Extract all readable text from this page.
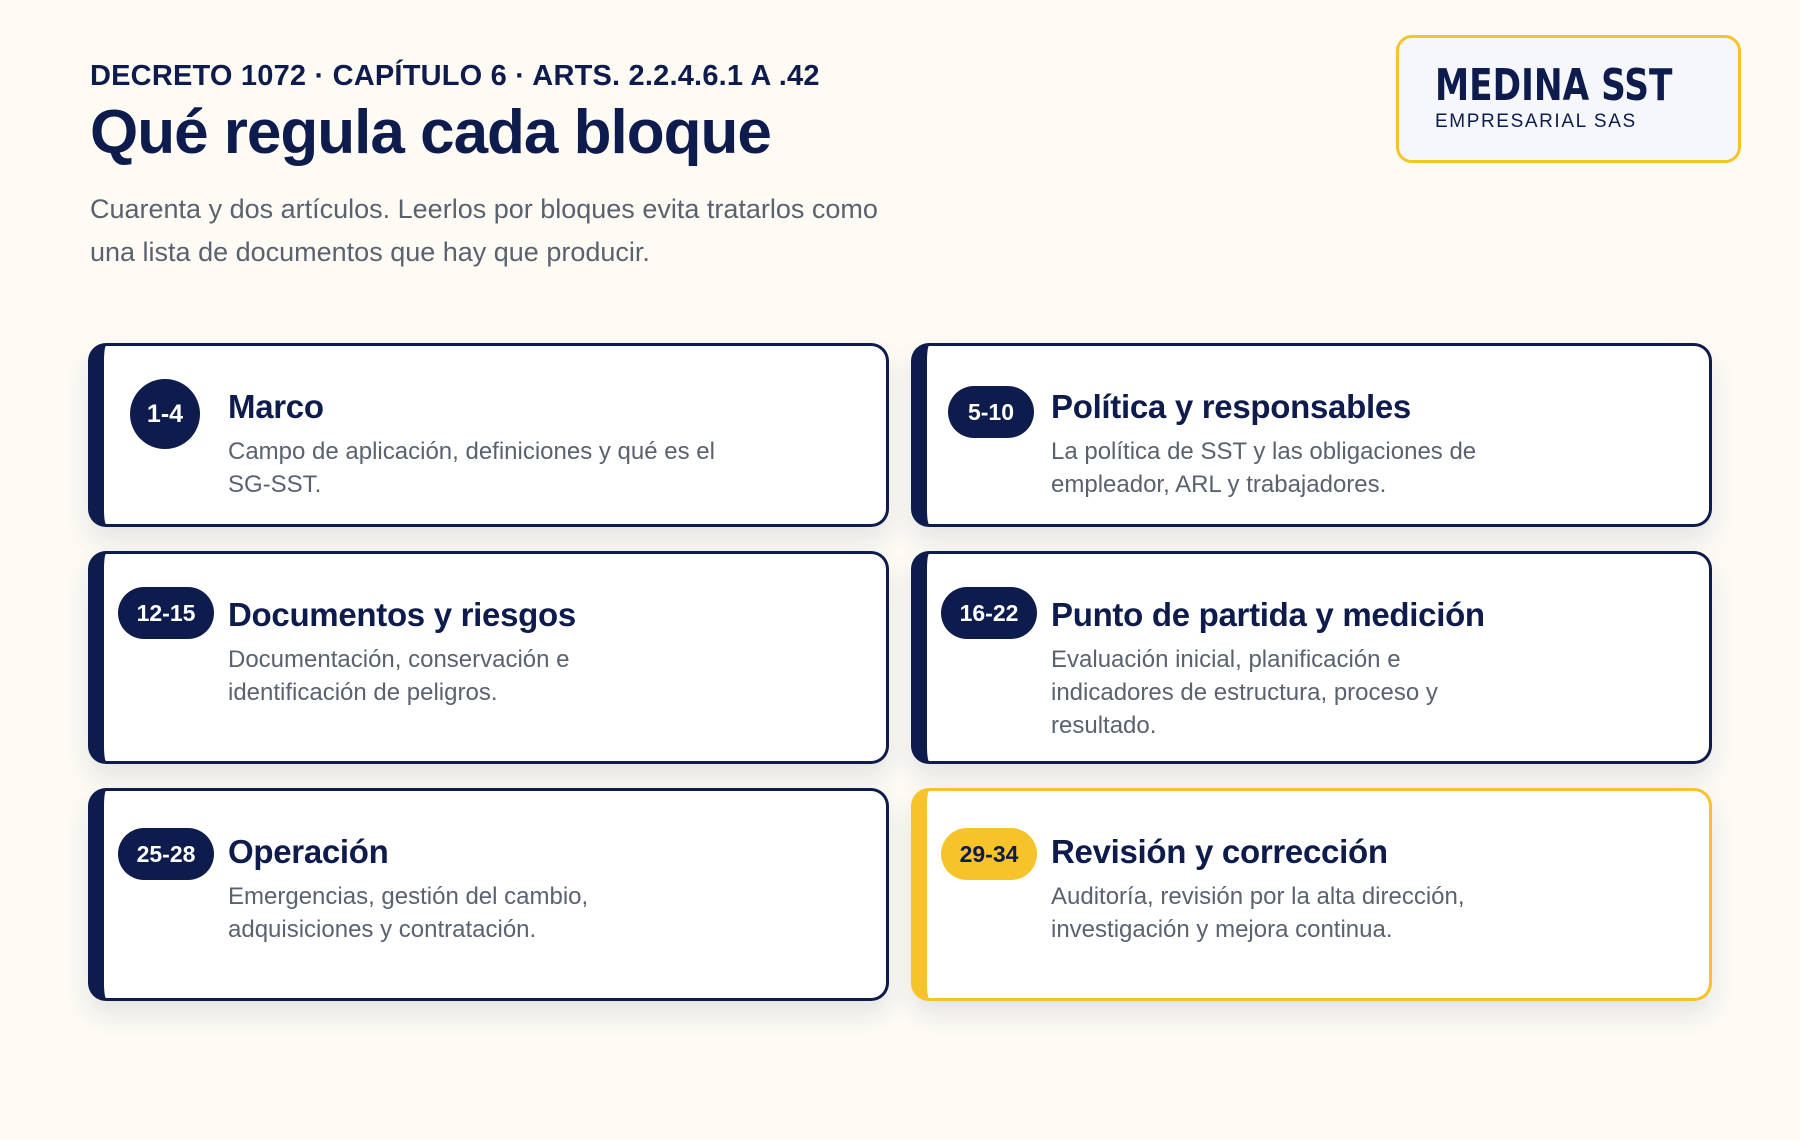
DECRETO 1072 · CAPÍTULO 6 · ARTS. 2.2.4.6.1 A .42
Qué regula cada bloque
Cuarenta y dos artículos. Leerlos por bloques evita tratarlos como una lista de documentos que hay que producir.
MEDINA SST
EMPRESARIAL SAS
1-4	Marco
Campo de aplicación, definiciones y qué es el SG-SST.
5-10	Política y responsables
La política de SST y las obligaciones de empleador, ARL y trabajadores.
12-15 Documentos y riesgos
Documentación, conservación e identificación de peligros.
16-22 Punto de partida y medición
Evaluación inicial, planificación e indicadores de estructura, proceso y resultado.
25-28 Operación
Emergencias, gestión del cambio, adquisiciones y contratación.
29-34 Revisión y corrección
Auditoría, revisión por la alta dirección, investigación y mejora continua.
